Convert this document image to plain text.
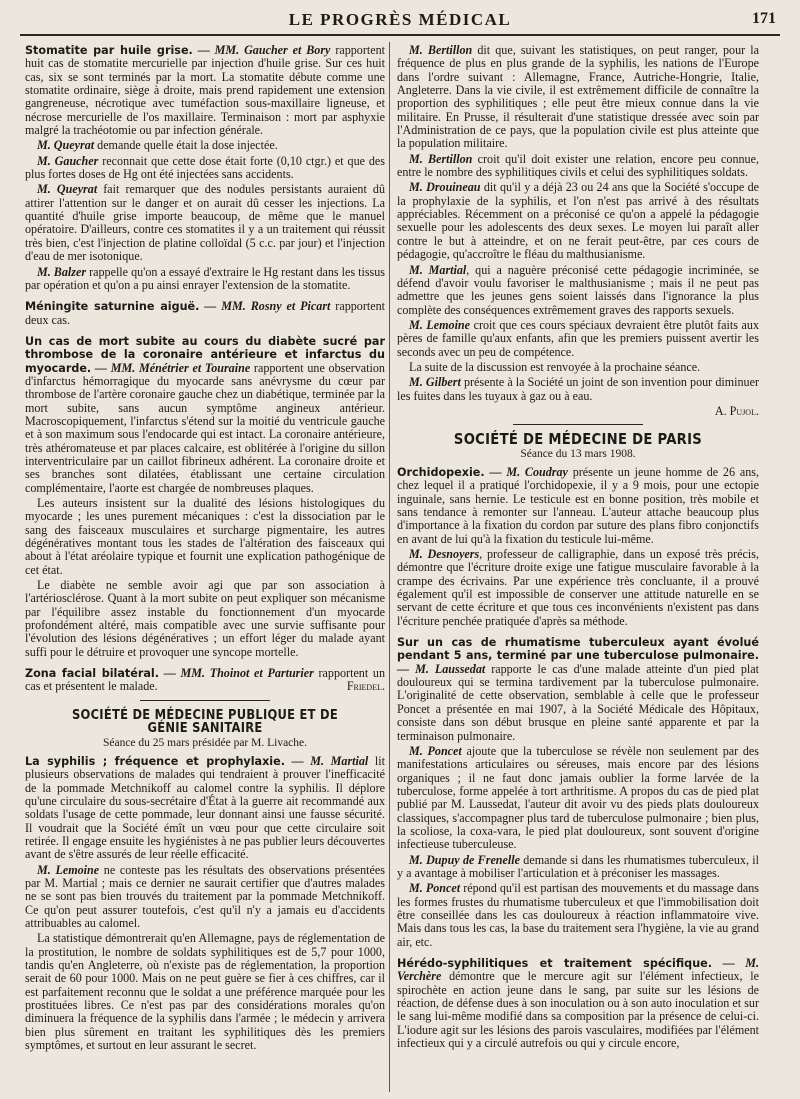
LE PROGRÈS MÉDICAL	171

Stomatite par huile grise. — MM. Gaucher et Bory rapportent huit cas de stomatite mercurielle par injection d'huile grise. Sur ces huit cas, six se sont terminés par la mort. La stomatite débute comme une stomatite ordinaire, siège à droite, mais prend rapidement une extension gangreneuse, nécrotique avec tuméfaction sous-maxillaire ligneuse, et nécrose mercurielle de l'os maxillaire. Terminaison : mort par asphyxie malgré la trachéotomie ou par infection générale.

M. Queyrat demande quelle était la dose injectée.

M. Gaucher reconnait que cette dose était forte (0,10 ctgr.) et que des plus fortes doses de Hg ont été injectées sans accidents.

M. Queyrat fait remarquer que des nodules persistants auraient dû attirer l'attention sur le danger et on aurait dû cesser les injections. La quantité d'huile grise importe beaucoup, de même que le manuel opératoire. D'ailleurs, contre ces stomatites il y a un traitement qui réussit très bien, c'est l'injection de platine colloïdal (5 c.c. par jour) et l'injection d'eau de mer isotonique.

M. Balzer rappelle qu'on a essayé d'extraire le Hg restant dans les tissus par opération et qu'on a pu ainsi enrayer l'extension de la stomatite.

Méningite saturnine aiguë. — MM. Rosny et Picart rapportent deux cas.

Un cas de mort subite au cours du diabète sucré par thrombose de la coronaire antérieure et infarctus du myocarde. — MM. Ménétrier et Touraine rapportent une observation d'infarctus hémorragique du myocarde sans anévrysme du cœur par thrombose de l'artère coronaire gauche chez un diabétique, terminée par la mort subite, sans aucun symptôme angineux antérieur. Macroscopiquement, l'infarctus s'étend sur la moitié du ventricule gauche et à son maximum sous l'endocarde qui est intact. La coronaire antérieure, très athéromateuse et par places calcaire, est oblitérée à l'origine du sillon interventriculaire par un caillot fibrineux adhérent. La coronaire droite et ses branches sont dilatées, établissant une certaine circulation complémentaire, l'aorte est chargée de nombreuses plaques.

Les auteurs insistent sur la dualité des lésions histologiques du myocarde ; les unes purement mécaniques : c'est la dissociation par le sang des faisceaux musculaires et surcharge pigmentaire, les autres dégénératives montant tous les stades de l'altération des faisceaux qui about à l'état aréolaire typique et fournit une explication pathogénique de cet état.

Le diabète ne semble avoir agi que par son association à l'artériosclérose. Quant à la mort subite on peut expliquer son mécanisme par l'équilibre assez instable du fonctionnement d'un myocarde profondément altéré, mais compatible avec une survie suffisante pour l'évolution des lésions dégénératives ; un effort léger du malade ayant suffi pour le détruire et provoquer une syncope mortelle.

Zona facial bilatéral. — MM. Thoinot et Parturier rapportent un cas et présentent le malade.	Friedel.

SOCIÉTÉ DE MÉDECINE PUBLIQUE ET DE GÉNIE SANITAIRE
Séance du 25 mars présidée par M. Livache.

La syphilis ; fréquence et prophylaxie. — M. Martial lit plusieurs observations de malades qui tendraient à prouver l'inefficacité de la pommade Metchnikoff au calomel contre la syphilis. Il déplore qu'une circulaire du sous-secrétaire d'État à la guerre ait recommandé aux soldats l'usage de cette pommade, leur donnant ainsi une fausse sécurité. Il voudrait que la Société émît un vœu pour que cette circulaire soit retirée. Il engage ensuite les hygiénistes à ne pas publier leurs découvertes avant de s'être assurés de leur réelle efficacité.

M. Lemoine ne conteste pas les résultats des observations présentées par M. Martial ; mais ce dernier ne saurait certifier que d'autres malades ne se sont pas bien trouvés du traitement par la pommade Metchnikoff. Ce qu'on peut assurer toutefois, c'est qu'il n'y a jamais eu d'accidents attribuables au calomel.

La statistique démontrerait qu'en Allemagne, pays de réglementation de la prostitution, le nombre de soldats syphilitiques est de 5,7 pour 1000, tandis qu'en Angleterre, où n'existe pas de réglementation, la proportion serait de 60 pour 1000. Mais on ne peut guère se fier à ces chiffres, car il est parfaitement reconnu que le soldat a une préférence marquée pour les prostituées libres. Ce n'est pas par des considérations morales qu'on diminuera la fréquence de la syphilis dans l'armée ; le médecin y arrivera bien plus sûrement en traitant les syphilitiques dès les premiers symptômes, et surtout en leur assurant le secret.

M. Bertillon dit que, suivant les statistiques, on peut ranger, pour la fréquence de plus en plus grande de la syphilis, les nations de l'Europe dans l'ordre suivant : Allemagne, France, Autriche-Hongrie, Italie, Angleterre. Dans la vie civile, il est extrêmement difficile de connaître la proportion des syphilitiques ; elle peut être mieux connue dans la vie militaire. En Prusse, il résulterait d'une statistique dressée avec soin par l'Administration de ce pays, que la population civile est plus atteinte que la population militaire.

M. Bertillon croit qu'il doit exister une relation, encore peu connue, entre le nombre des syphilitiques civils et celui des syphilitiques soldats.

M. Drouineau dit qu'il y a déjà 23 ou 24 ans que la Société s'occupe de la prophylaxie de la syphilis, et l'on n'est pas arrivé à des résultats appréciables. Récemment on a préconisé ce qu'on a appelé la pédagogie sexuelle pour les adolescents des deux sexes. Le moyen lui paraît aller contre le but à atteindre, et on ne ferait peut-être, par ces cours de pédagogie, qu'accroître le fléau du malthusianisme.

M. Martial, qui a naguère préconisé cette pédagogie incriminée, se défend d'avoir voulu favoriser le malthusianisme ; mais il ne peut pas admettre que les jeunes gens soient laissés dans l'ignorance la plus complète des conséquences extrêmement graves des rapports sexuels.

M. Lemoine croit que ces cours spéciaux devraient être plutôt faits aux pères de famille qu'aux enfants, afin que les premiers puissent avertir les seconds avec un peu de compétence.

La suite de la discussion est renvoyée à la prochaine séance.

M. Gilbert présente à la Société un joint de son invention pour diminuer les fuites dans les tuyaux à gaz ou à eau.

A. Pujol.
SOCIÉTÉ DE MÉDECINE DE PARIS
Séance du 13 mars 1908.

Orchidopexie. — M. Coudray présente un jeune homme de 26 ans, chez lequel il a pratiqué l'orchidopexie, il y a 9 mois, pour une ectopie inguinale, sans hernie. Le testicule est en bonne position, très mobile et sans tendance à remonter sur l'anneau. L'auteur attache beaucoup plus d'importance à la fixation du cordon par suture des plans fibro conjonctifs en avant de lui qu'à la fixation du testicule lui-même.

M. Desnoyers, professeur de calligraphie, dans un exposé très précis, démontre que l'écriture droite exige une fatigue musculaire favorable à la crampe des écrivains. Par une expérience très concluante, il a prouvé également qu'il est impossible de conserver une attitude naturelle en se servant de cette écriture et que tous ces inconvénients n'existent pas dans l'écriture penchée pratiquée d'après sa méthode.

Sur un cas de rhumatisme tuberculeux ayant évolué pendant 5 ans, terminé par une tuberculose pulmonaire. — M. Laussedat rapporte le cas d'une malade atteinte d'un pied plat douloureux qui se termina tardivement par la tuberculose pulmonaire. L'originalité de cette observation, semblable à celle que le professeur Poncet a présentée en mai 1907, à la Société Médicale des Hôpitaux, consiste dans son début brusque en pleine santé apparente et par la terminaison pulmonaire.

M. Poncet ajoute que la tuberculose se révèle non seulement par des manifestations articulaires ou séreuses, mais encore par des lésions organiques ; il ne faut donc jamais oublier la forme larvée de la tuberculose, forme appelée à tort arthritisme. A propos du cas de pied plat publié par M. Laussedat, l'auteur dit avoir vu des pieds plats douloureux classiques, s'accompagner plus tard de tuberculose pulmonaire ; bien plus, la scoliose, la coxa-vara, le pied plat douloureux, sont souvent d'origine infectieuse tuberculeuse.

M. Dupuy de Frenelle demande si dans les rhumatismes tuberculeux, il y a avantage à mobiliser l'articulation et à préconiser les massages.

M. Poncet répond qu'il est partisan des mouvements et du massage dans les formes frustes du rhumatisme tuberculeux et que l'immobilisation doit être conseillée dans les cas douloureux à réaction inflammatoire vive. Mais dans tous les cas, la base du traitement sera l'hygiène, la vie au grand air, etc.

Hérédo-syphilitiques et traitement spécifique. — M. Verchère démontre que le mercure agit sur l'élément infectieux, le spirochète en action jeune dans le sang, par suite sur les lésions de réaction, de défense dues à son inoculation ou à son auto inoculation et sur le sang lui-même modifié dans sa composition par la présence de celui-ci. L'iodure agit sur les lésions des parois vasculaires, modifiées par l'élément infectieux qui y a circulé autrefois ou qui y circule encore,
